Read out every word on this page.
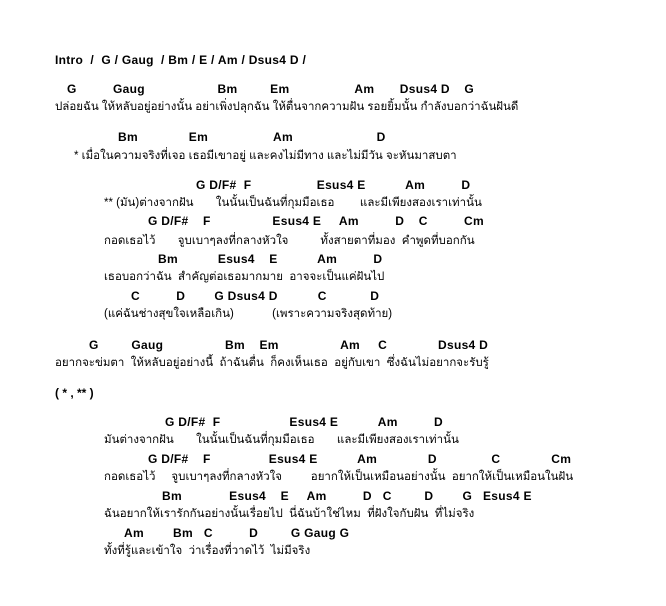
Intro  /  G / Gaug  / Bm / E / Am / Dsus4 D /
G          Gaug                    Bm         Em                  Am       Dsus4 D    G
ปล่อยฉัน ให้หลับอยู่อย่างนั้น อย่าเพิ่งปลุกฉัน ให้ตื่นจากความฝัน รอยยิ้มนั้น กำลังบอกว่าฉันฝันดี
Bm              Em                  Am                       D
* เมื่อในความจริงที่เจอ เธอมีเขาอยู่ และคงไม่มีทาง และไม่มีวัน จะหันมาสบตา
G D/F#  F                  Esus4 E           Am          D
** (มัน)ต่างจากฝัน       ในนั้นเป็นฉันที่กุมมือเธอ        และมีเพียงสองเราเท่านั้น
G D/F#    F                 Esus4 E     Am          D    C          Cm
กอดเธอไว้       จูบเบาๆลงที่กลางหัวใจ          ทั้งสายตาที่มอง  คำพูดที่บอกกัน
Bm           Esus4    E           Am          D
เธอบอกว่าฉัน  สำคัญต่อเธอมากมาย  อาจจะเป็นแค่ฝันไป
C          D        G Dsus4 D           C            D
(แค่ฉันช่างสุขใจเหลือเกิน)            (เพราะความจริงสุดท้าย)
G         Gaug                 Bm    Em                 Am     C              Dsus4 D
อยากจะข่มตา  ให้หลับอยู่อย่างนี้  ถ้าฉันตื่น  ก็คงเห็นเธอ  อยู่กับเขา  ซึ่งฉันไม่อยากจะรับรู้
( * , ** )
G D/F#  F                   Esus4 E           Am          D
มันต่างจากฝัน       ในนั้นเป็นฉันที่กุมมือเธอ       และมีเพียงสองเราเท่านั้น
G D/F#    F                Esus4 E           Am              D               C              Cm
กอดเธอไว้     จูบเบาๆลงที่กลางหัวใจ         อยากให้เป็นเหมือนอย่างนั้น  อยากให้เป็นเหมือนในฝัน
Bm             Esus4    E     Am          D   C         D        G   Esus4 E
ฉันอยากให้เรารักกันอย่างนั้นเรื่อยไป  นี่ฉันบ้าใช่ไหม  ที่ฝังใจกับฝัน  ที่ไม่จริง
Am        Bm   C          D         G Gaug G
ทั้งที่รู้และเข้าใจ  ว่าเรื่องที่วาดไว้  ไม่มีจริง
